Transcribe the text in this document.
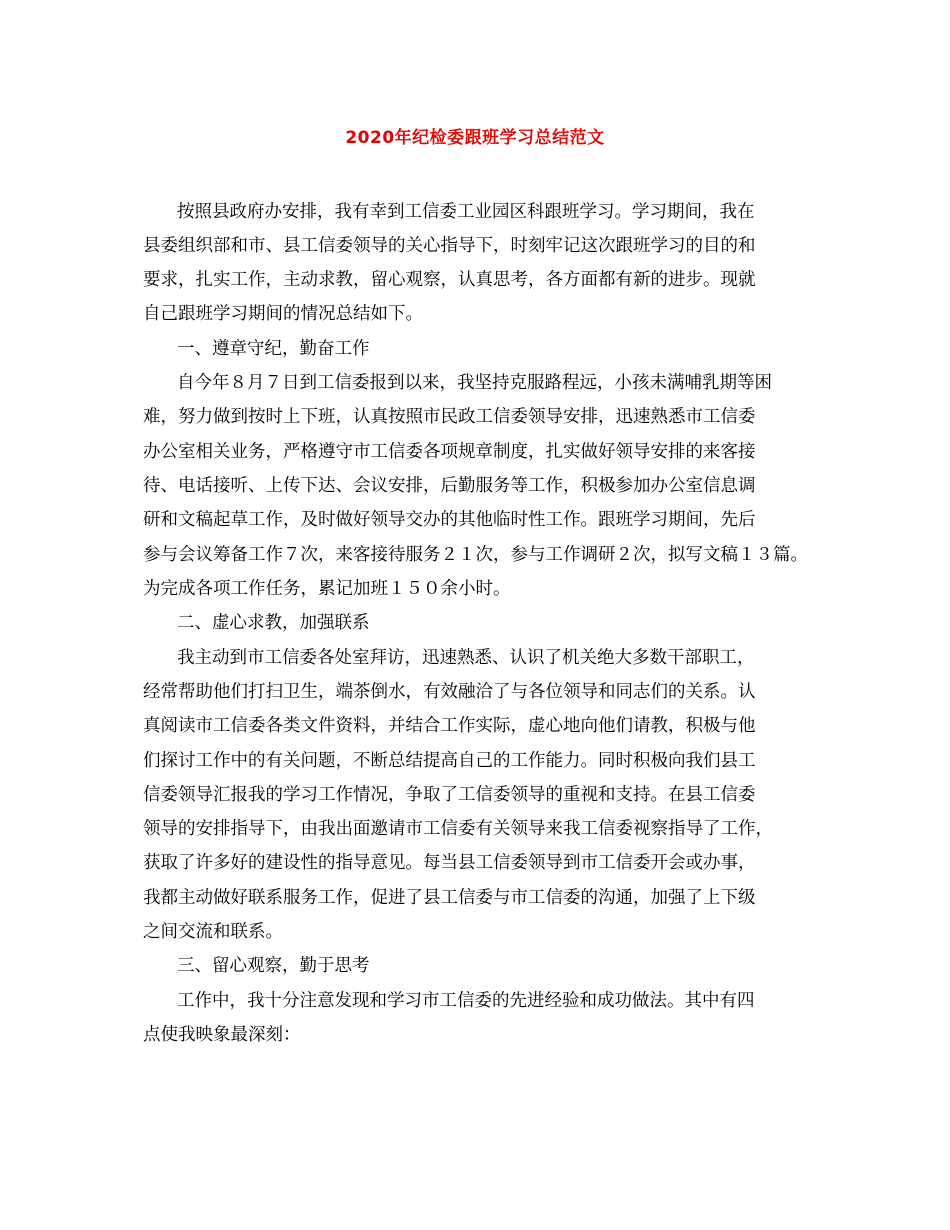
2020年纪检委跟班学习总结范文
按照县政府办安排，我有幸到工信委工业园区科跟班学习。学习期间，我在
县委组织部和市、县工信委领导的关心指导下，时刻牢记这次跟班学习的目的和
要求，扎实工作，主动求教，留心观察，认真思考，各方面都有新的进步。现就
自己跟班学习期间的情况总结如下。
一、遵章守纪，勤奋工作
自今年８月７日到工信委报到以来，我坚持克服路程远，小孩未满哺乳期等困
难，努力做到按时上下班，认真按照市民政工信委领导安排，迅速熟悉市工信委
办公室相关业务，严格遵守市工信委各项规章制度，扎实做好领导安排的来客接
待、电话接听、上传下达、会议安排，后勤服务等工作，积极参加办公室信息调
研和文稿起草工作，及时做好领导交办的其他临时性工作。跟班学习期间，先后
参与会议筹备工作７次，来客接待服务２１次，参与工作调研２次，拟写文稿１３篇。
为完成各项工作任务，累记加班１５０余小时。
二、虚心求教，加强联系
我主动到市工信委各处室拜访，迅速熟悉、认识了机关绝大多数干部职工，
经常帮助他们打扫卫生，端茶倒水，有效融洽了与各位领导和同志们的关系。认
真阅读市工信委各类文件资料，并结合工作实际，虚心地向他们请教，积极与他
们探讨工作中的有关问题，不断总结提高自己的工作能力。同时积极向我们县工
信委领导汇报我的学习工作情况，争取了工信委领导的重视和支持。在县工信委
领导的安排指导下，由我出面邀请市工信委有关领导来我工信委视察指导了工作，
获取了许多好的建设性的指导意见。每当县工信委领导到市工信委开会或办事，
我都主动做好联系服务工作，促进了县工信委与市工信委的沟通，加强了上下级
之间交流和联系。
三、留心观察，勤于思考
工作中，我十分注意发现和学习市工信委的先进经验和成功做法。其中有四
点使我映象最深刻：
